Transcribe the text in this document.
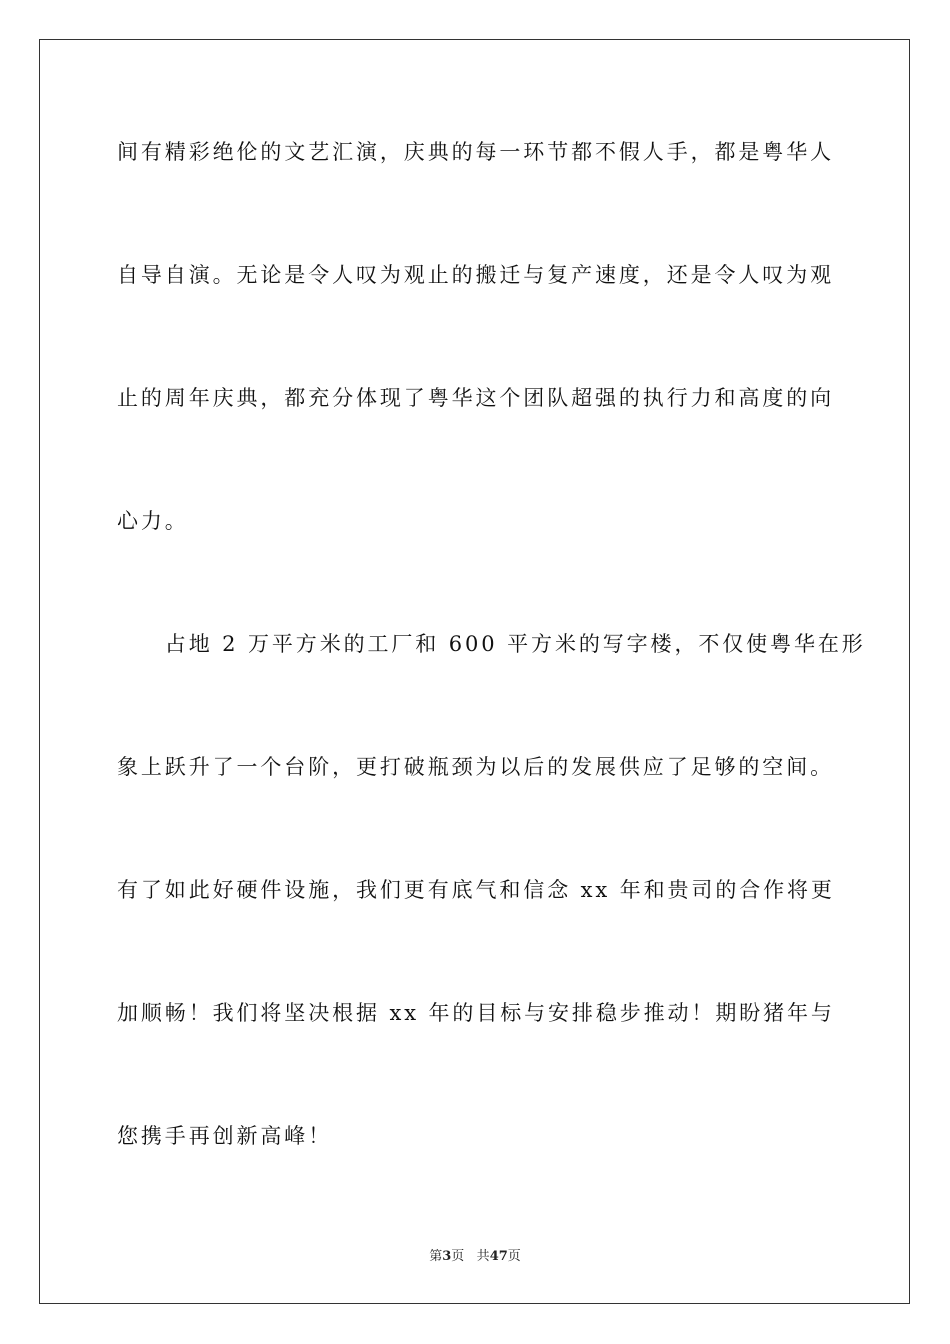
间有精彩绝伦的文艺汇演，庆典的每一环节都不假人手，都是粤华人
自导自演。无论是令人叹为观止的搬迁与复产速度，还是令人叹为观
止的周年庆典，都充分体现了粤华这个团队超强的执行力和高度的向
心力。
　　占地 2 万平方米的工厂和 600 平方米的写字楼，不仅使粤华在形
象上跃升了一个台阶，更打破瓶颈为以后的发展供应了足够的空间。
有了如此好硬件设施，我们更有底气和信念 xx 年和贵司的合作将更
加顺畅！我们将坚决根据 xx 年的目标与安排稳步推动！期盼猪年与
您携手再创新高峰！
第3页 共47页
